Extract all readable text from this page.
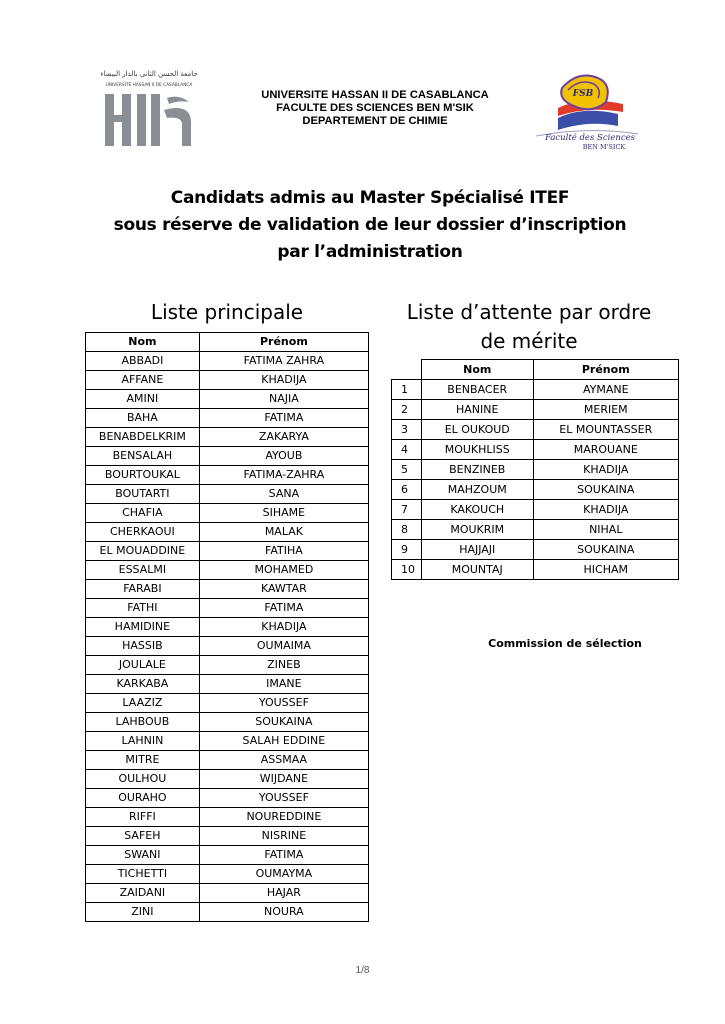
جامعة الحسن الثاني بالدار البيضاء
UNIVERSITÉ HASSAN II DE CASABLANCA
UNIVERSITE HASSAN II DE CASABLANCA
FACULTE DES SCIENCES BEN M'SIK
DEPARTEMENT DE CHIMIE
FSB
Faculté des Sciences
BEN M'SICK
Candidats admis au Master Spécialisé ITEF
sous réserve de validation de leur dossier d’inscription
par l’administration
Liste principale	Liste d’attente par ordre
de mérite
Nom	Prénom
ABBADI	FATIMA ZAHRA
AFFANE	KHADIJA
AMINI	NAJIA
BAHA	FATIMA
BENABDELKRIM	ZAKARYA
BENSALAH	AYOUB
BOURTOUKAL	FATIMA-ZAHRA
BOUTARTI	SANA
CHAFIA	SIHAME
CHERKAOUI	MALAK
EL MOUADDINE	FATIHA
ESSALMI	MOHAMED
FARABI	KAWTAR
FATHI	FATIMA
HAMIDINE	KHADIJA
HASSIB	OUMAIMA
JOULALE	ZINEB
KARKABA	IMANE
LAAZIZ	YOUSSEF
LAHBOUB	SOUKAINA
LAHNIN	SALAH EDDINE
MITRE	ASSMAA
OULHOU	WIJDANE
OURAHO	YOUSSEF
RIFFI	NOUREDDINE
SAFEH	NISRINE
SWANI	FATIMA
TICHETTI	OUMAYMA
ZAIDANI	HAJAR
ZINI	NOURA
	Nom	Prénom
1	BENBACER	AYMANE
2	HANINE	MERIEM
3	EL OUKOUD	EL MOUNTASSER
4	MOUKHLISS	MAROUANE
5	BENZINEB	KHADIJA
6	MAHZOUM	SOUKAINA
7	KAKOUCH	KHADIJA
8	MOUKRIM	NIHAL
9	HAJJAJI	SOUKAINA
10	MOUNTAJ	HICHAM
Commission de sélection
1/8
